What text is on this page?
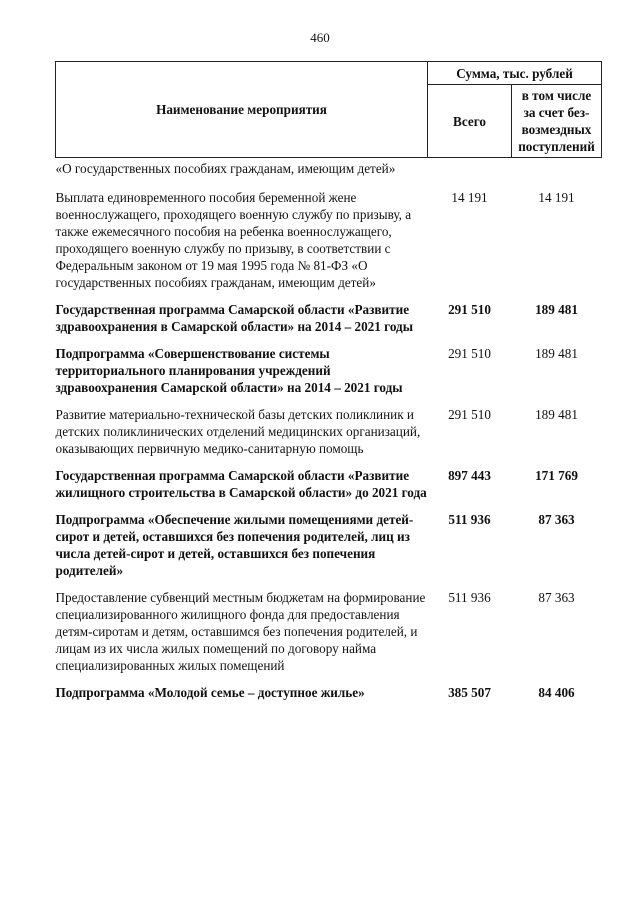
460
Наименование мероприятия	Сумма, тыс. рублей	
	Всего	в том числе за счет без-возмездных поступлений
«О государственных пособиях гражданам, имеющим детей»		
Выплата единовременного пособия беременной жене военнослужащего, проходящего военную службу по призыву, а также ежемесячного пособия на ребенка военнослужащего, проходящего военную службу по призыву, в соответствии с Федеральным законом от 19 мая 1995 года № 81-ФЗ «О государственных пособиях гражданам, имеющим детей»	14 191	14 191
Государственная программа Самарской области «Развитие здравоохранения в Самарской области» на 2014 – 2021 годы	291 510	189 481
Подпрограмма «Совершенствование системы территориального планирования учреждений здравоохранения Самарской области» на 2014 – 2021 годы	291 510	189 481
Развитие материально-технической базы детских поликлиник и детских поликлинических отделений медицинских организаций, оказывающих первичную медико-санитарную помощь	291 510	189 481
Государственная программа Самарской области «Развитие жилищного строительства в Самарской области» до 2021 года	897 443	171 769
Подпрограмма «Обеспечение жилыми помещениями детей-сирот и детей, оставшихся без попечения родителей, лиц из числа детей-сирот и детей, оставшихся без попечения родителей»	511 936	87 363
Предоставление субвенций местным бюджетам на формирование специализированного жилищного фонда для предоставления детям-сиротам и детям, оставшимся без попечения родителей, и лицам из их числа жилых помещений по договору найма специализированных жилых помещений	511 936	87 363
Подпрограмма «Молодой семье – доступное жилье»	385 507	84 406
